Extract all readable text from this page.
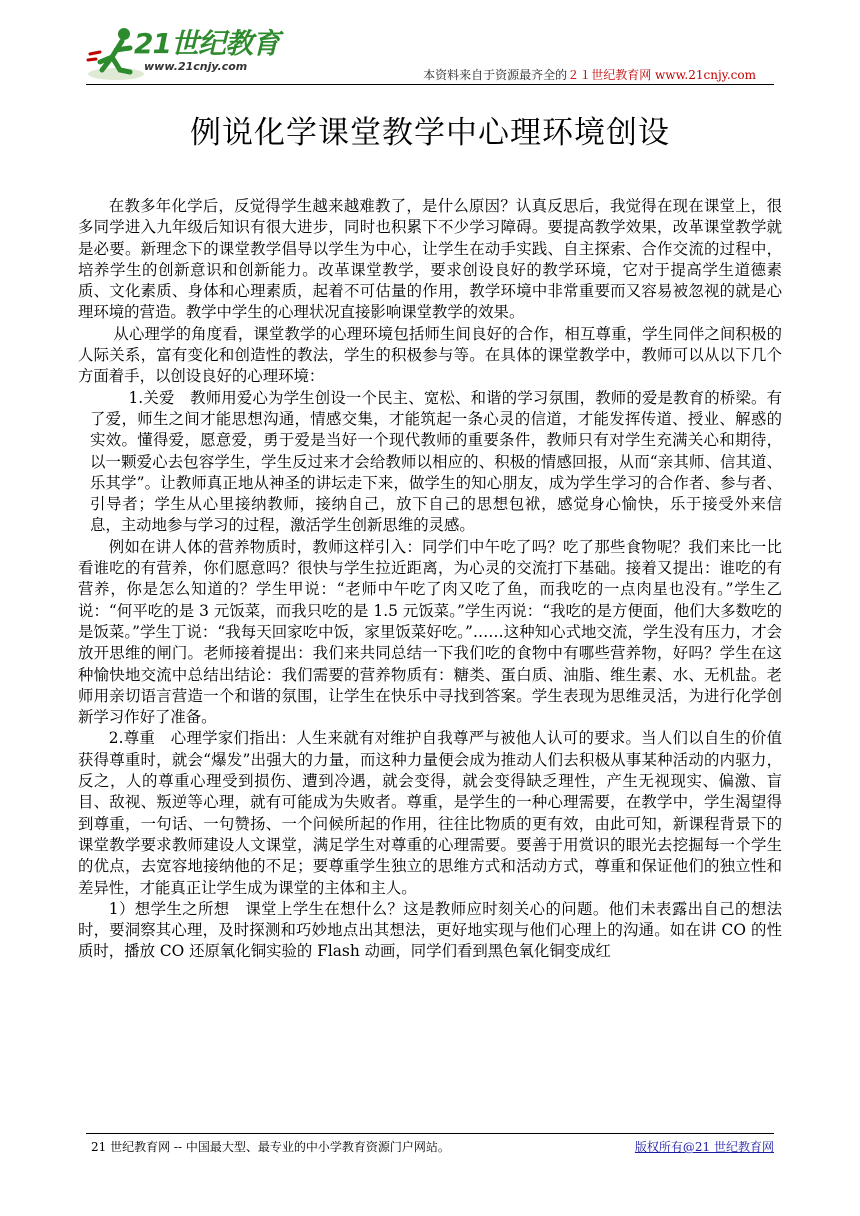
21世纪教育
www.21cnjy.com
本资料来自于资源最齐全的２１世纪教育网 www.21cnjy.com
例说化学课堂教学中心理环境创设

在教多年化学后，反觉得学生越来越难教了，是什么原因？认真反思后，我觉得在现在课堂上，很多同学进入九年级后知识有很大进步，同时也积累下不少学习障碍。要提高教学效果，改革课堂教学就是必要。新理念下的课堂教学倡导以学生为中心，让学生在动手实践、自主探索、合作交流的过程中，培养学生的创新意识和创新能力。改革课堂教学，要求创设良好的教学环境，它对于提高学生道德素质、文化素质、身体和心理素质，起着不可估量的作用，教学环境中非常重要而又容易被忽视的就是心理环境的营造。教学中学生的心理状况直接影响课堂教学的效果。

从心理学的角度看，课堂教学的心理环境包括师生间良好的合作，相互尊重，学生同伴之间积极的人际关系，富有变化和创造性的教法，学生的积极参与等。在具体的课堂教学中，教师可以从以下几个方面着手，以创设良好的心理环境：

1.关爱　教师用爱心为学生创设一个民主、宽松、和谐的学习氛围，教师的爱是教育的桥梁。有了爱，师生之间才能思想沟通，情感交集，才能筑起一条心灵的信道，才能发挥传道、授业、解惑的实效。懂得爱，愿意爱，勇于爱是当好一个现代教师的重要条件，教师只有对学生充满关心和期待，以一颗爱心去包容学生，学生反过来才会给教师以相应的、积极的情感回报，从而“亲其师、信其道、乐其学”。让教师真正地从神圣的讲坛走下来，做学生的知心朋友，成为学生学习的合作者、参与者、引导者；学生从心里接纳教师，接纳自己，放下自己的思想包袱，感觉身心愉快，乐于接受外来信息，主动地参与学习的过程，激活学生创新思维的灵感。

例如在讲人体的营养物质时，教师这样引入：同学们中午吃了吗？吃了那些食物呢？我们来比一比看谁吃的有营养，你们愿意吗？很快与学生拉近距离，为心灵的交流打下基础。接着又提出：谁吃的有营养，你是怎么知道的？学生甲说：“老师中午吃了肉又吃了鱼，而我吃的一点肉星也没有。”学生乙说：“何平吃的是 3 元饭菜，而我只吃的是 1.5 元饭菜。”学生丙说：“我吃的是方便面，他们大多数吃的是饭菜。”学生丁说：“我每天回家吃中饭，家里饭菜好吃。”……这种知心式地交流，学生没有压力，才会放开思维的闸门。老师接着提出：我们来共同总结一下我们吃的食物中有哪些营养物，好吗？学生在这种愉快地交流中总结出结论：我们需要的营养物质有：糖类、蛋白质、油脂、维生素、水、无机盐。老师用亲切语言营造一个和谐的氛围，让学生在快乐中寻找到答案。学生表现为思维灵活，为进行化学创新学习作好了准备。

2.尊重　心理学家们指出：人生来就有对维护自我尊严与被他人认可的要求。当人们以自生的价值获得尊重时，就会“爆发”出强大的力量，而这种力量便会成为推动人们去积极从事某种活动的内驱力，反之，人的尊重心理受到损伤、遭到冷遇，就会变得，就会变得缺乏理性，产生无视现实、偏激、盲目、敌视、叛逆等心理，就有可能成为失败者。尊重，是学生的一种心理需要，在教学中，学生渴望得到尊重，一句话、一句赞扬、一个问候所起的作用，往往比物质的更有效，由此可知，新课程背景下的课堂教学要求教师建设人文课堂，满足学生对尊重的心理需要。要善于用赏识的眼光去挖掘每一个学生的优点，去宽容地接纳他的不足；要尊重学生独立的思维方式和活动方式，尊重和保证他们的独立性和差异性，才能真正让学生成为课堂的主体和主人。

1）想学生之所想　课堂上学生在想什么？这是教师应时刻关心的问题。他们未表露出自己的想法时，要洞察其心理，及时探测和巧妙地点出其想法，更好地实现与他们心理上的沟通。如在讲 CO 的性质时，播放 CO 还原氧化铜实验的 Flash 动画，同学们看到黑色氧化铜变成红

21 世纪教育网 -- 中国最大型、最专业的中小学教育资源门户网站。	版权所有@21 世纪教育网
